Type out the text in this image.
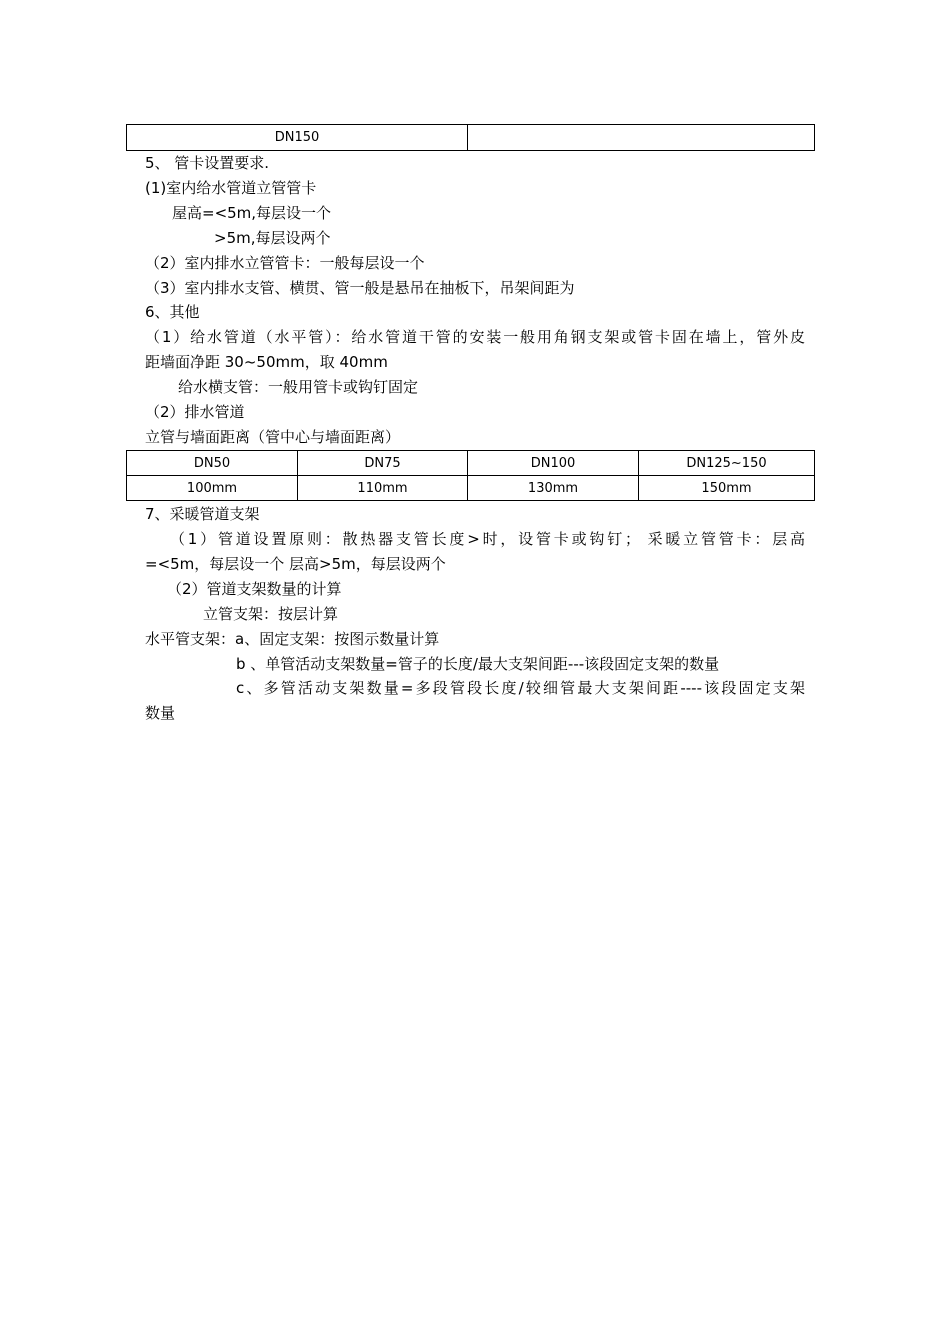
DN150	
5、 管卡设置要求.
(1)室内给水管道立管管卡
屋高=<5m,每层设一个
>5m,每层设两个
（2）室内排水立管管卡：一般每层设一个
（3）室内排水支管、横贯、管一般是悬吊在抽板下，吊架间距为
6、其他
（1）给水管道（水平管）：给水管道干管的安装一般用角钢支架或管卡固在墙上，管外皮
距墙面净距 30~50mm，取 40mm
给水横支管：一般用管卡或钩钉固定
（2）排水管道
立管与墙面距离（管中心与墙面距离）
DN50	DN75	DN100	DN125~150
100mm	110mm	130mm	150mm
7、采暖管道支架
（1）管道设置原则：散热器支管长度>时，设管卡或钩钉； 采暖立管管卡：层高
=<5m，每层设一个 层高>5m，每层设两个
（2）管道支架数量的计算
立管支架：按层计算
水平管支架：a、固定支架：按图示数量计算
b 、单管活动支架数量=管子的长度/最大支架间距---该段固定支架的数量
c、多管活动支架数量=多段管段长度/较细管最大支架间距----该段固定支架
数量
